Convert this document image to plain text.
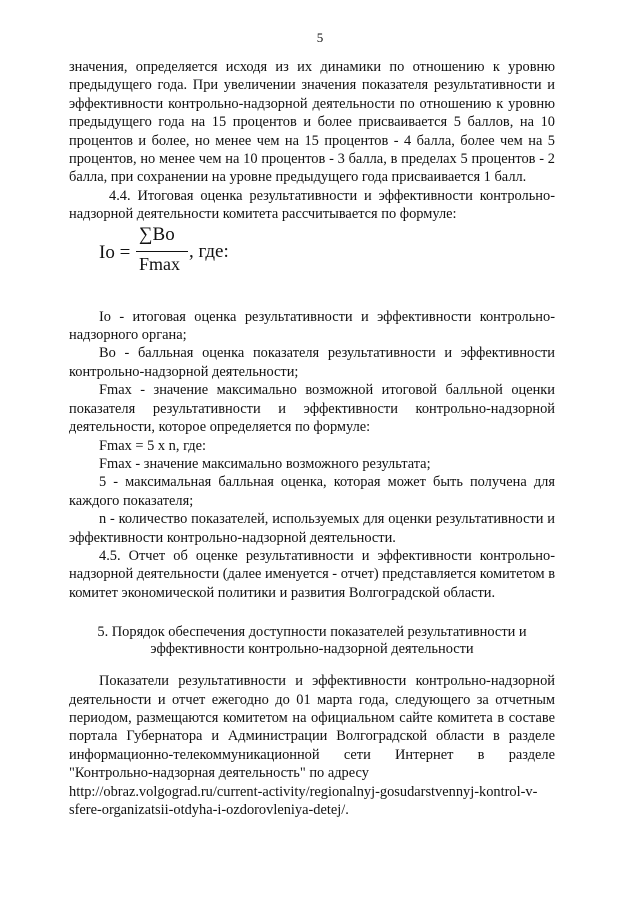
5

значения, определяется исходя из их динамики по отношению к уровню предыдущего года. При увеличении значения показателя результативности и эффективности контрольно-надзорной деятельности по отношению к уровню предыдущего года на 15 процентов и более присваивается 5 баллов, на 10 процентов и более, но менее чем на 15 процентов - 4 балла, более чем на 5 процентов, но менее чем на 10 процентов - 3 балла, в пределах 5 процентов - 2 балла, при сохранении на уровне предыдущего года присваивается 1 балл.

4.4. Итоговая оценка результативности и эффективности контрольно-надзорной деятельности комитета рассчитывается по формуле:

Io =
∑Bo
Fmax
, где:

Io - итоговая оценка результативности и эффективности контрольно-надзорного органа;

Bo - балльная оценка показателя результативности и эффективности контрольно-надзорной деятельности;

Fmax - значение максимально возможной итоговой балльной оценки показателя результативности и эффективности контрольно-надзорной деятельности, которое определяется по формуле:

Fmax = 5 x n, где:

Fmax - значение максимально возможного результата;

5 - максимальная балльная оценка, которая может быть получена для каждого показателя;

n - количество показателей, используемых для оценки результативности и эффективности контрольно-надзорной деятельности.

4.5. Отчет об оценке результативности и эффективности контрольно-надзорной деятельности (далее именуется - отчет) представляется комитетом в комитет экономической политики и развития Волгоградской области.

5. Порядок обеспечения доступности показателей результативности и

эффективности контрольно-надзорной деятельности

Показатели результативности и эффективности контрольно-надзорной деятельности и отчет ежегодно до 01 марта года, следующего за отчетным периодом, размещаются комитетом на официальном сайте комитета в составе портала Губернатора и Администрации Волгоградской области в разделе информационно-телекоммуникационной сети Интернет в разделе "Контрольно-надзорная деятельность" по адресу

http://obraz.volgograd.ru/current-activity/regionalnyj-gosudarstvennyj-kontrol-v-sfere-organizatsii-otdyha-i-ozdorovleniya-detej/.
